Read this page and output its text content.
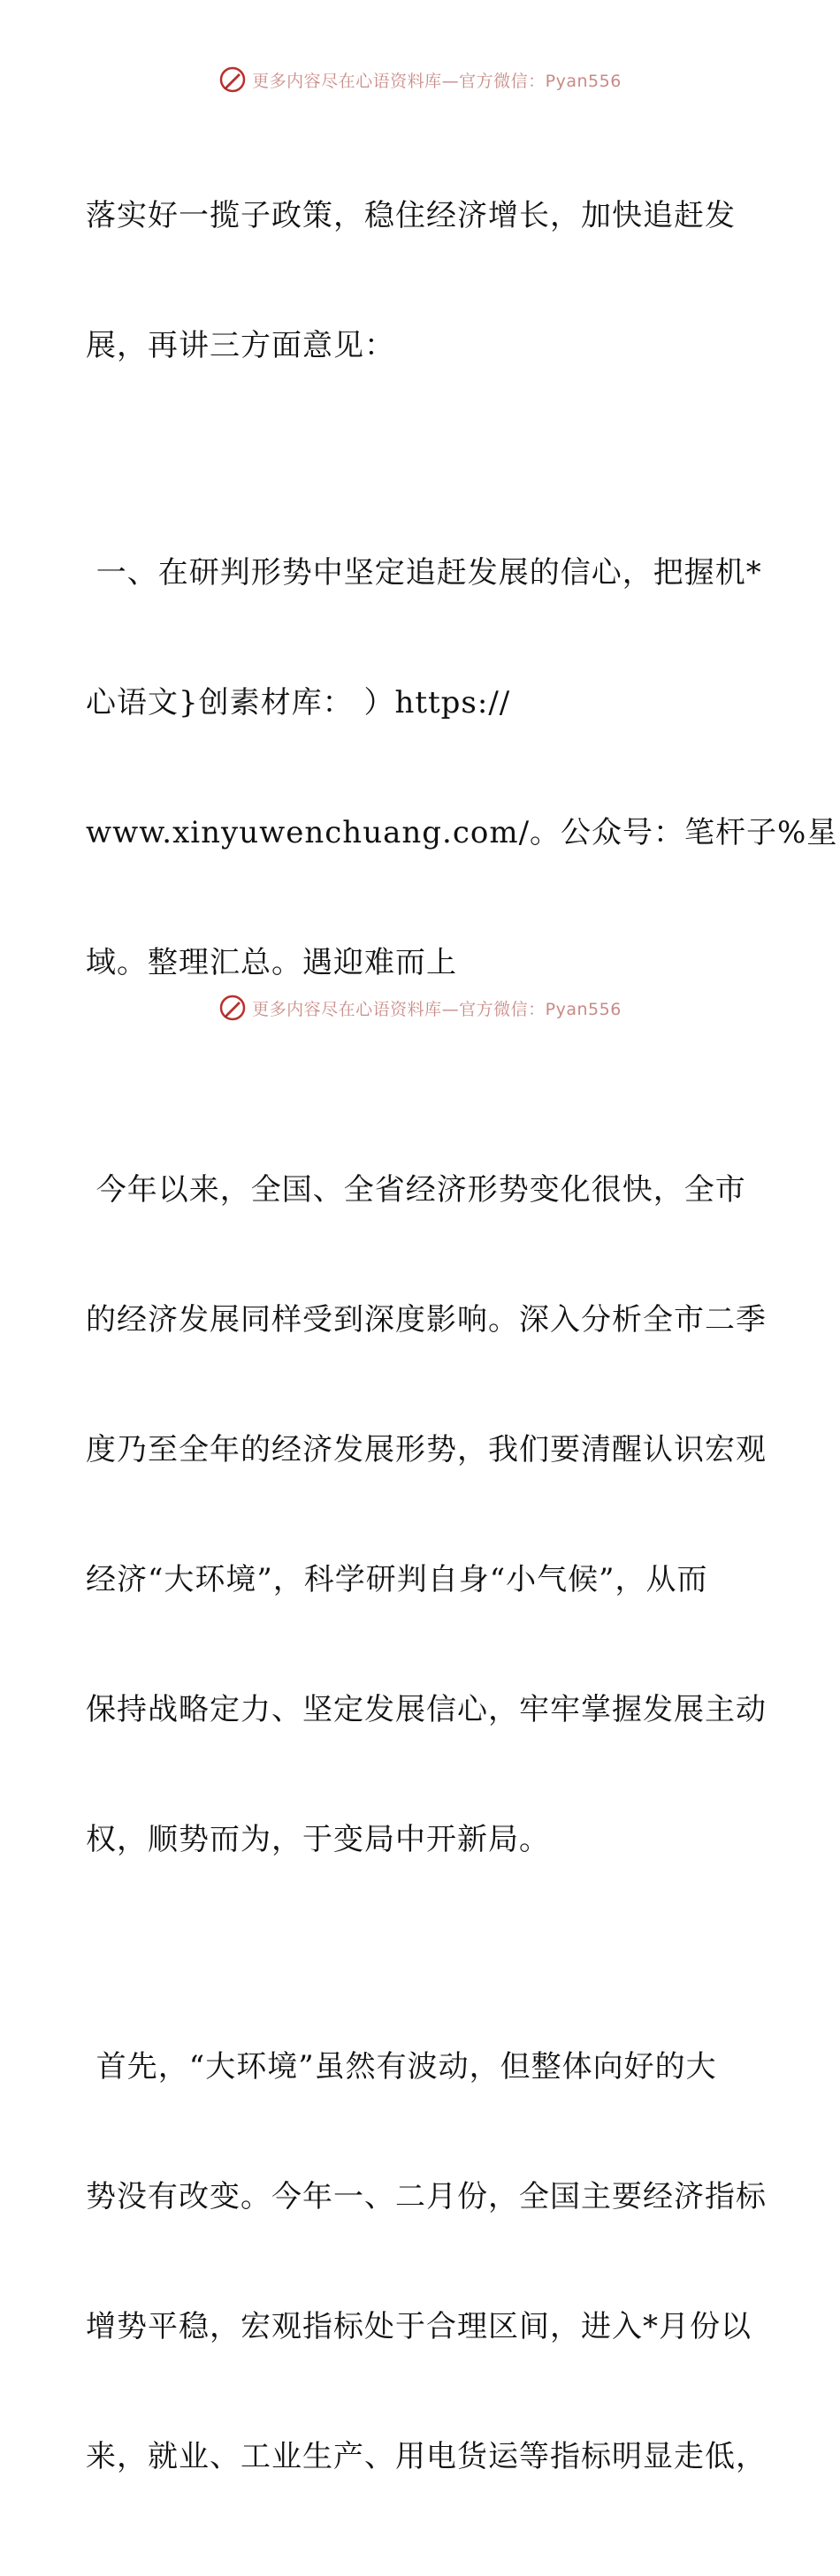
更多内容尽在心语资料库—官方微信：Pyan556

落实好一揽子政策，稳住经济增长，加快追赶发

展，再讲三方面意见：

一、在研判形势中坚定追赶发展的信心，把握机*

心语文}创素材库： ）https://

www.xinyuwenchuang.com/。公众号：笔杆子%星

域。整理汇总。遇迎难而上

今年以来，全国、全省经济形势变化很快，全市

的经济发展同样受到深度影响。深入分析全市二季

度乃至全年的经济发展形势，我们要清醒认识宏观

经济“大环境”，科学研判自身“小气候”，从而

保持战略定力、坚定发展信心，牢牢掌握发展主动

权，顺势而为，于变局中开新局。

首先，“大环境”虽然有波动，但整体向好的大

势没有改变。今年一、二月份，全国主要经济指标

增势平稳，宏观指标处于合理区间，进入*月份以

来，就业、工业生产、用电货运等指标明显走低，

更多内容尽在心语资料库—官方微信：Pyan556
